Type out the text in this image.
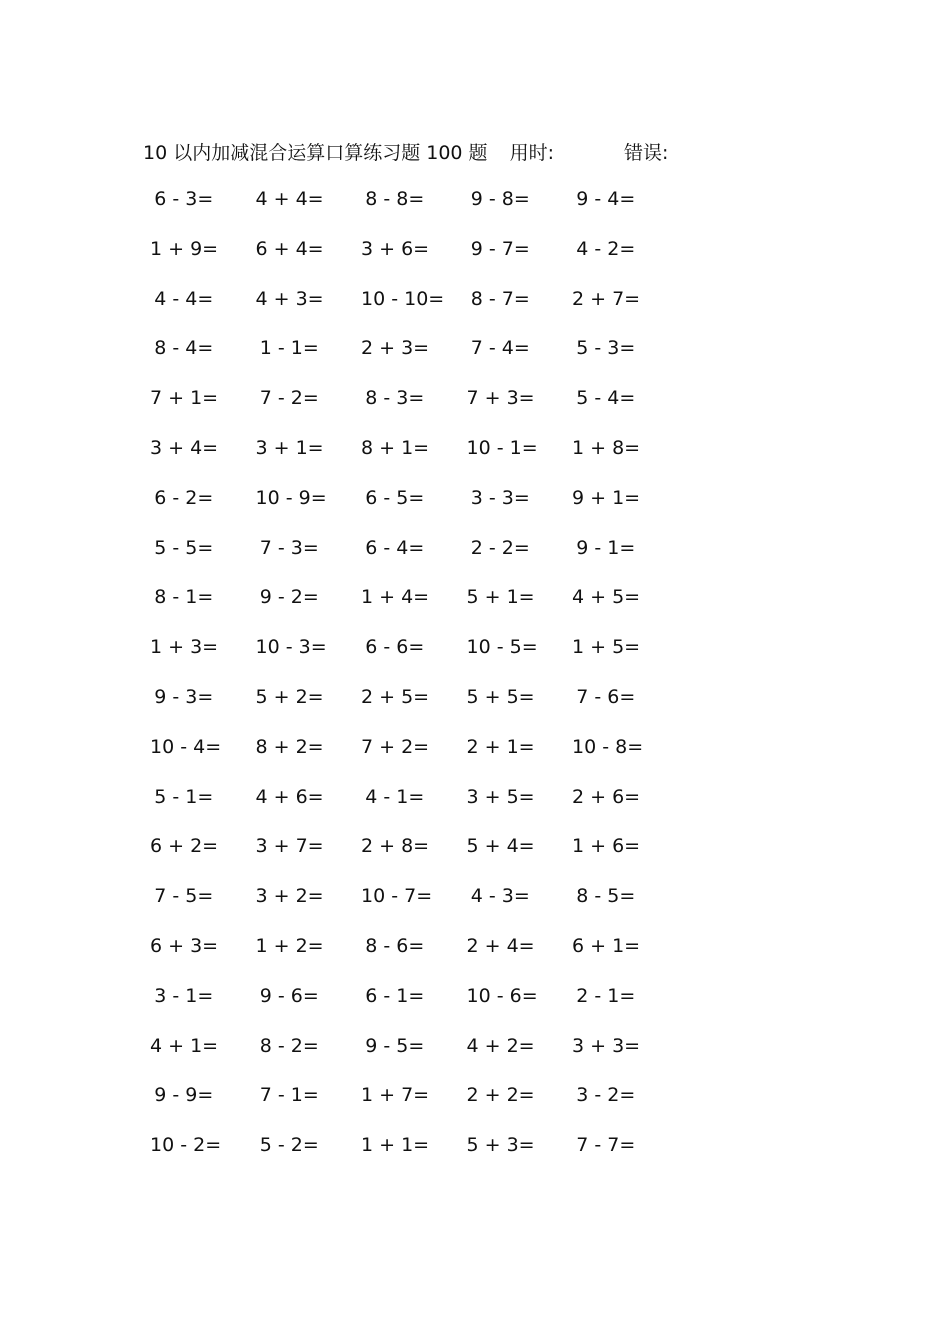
10 以内加减混合运算口算练习题 100 题 用时:	错误:
6 - 3=	4 + 4=	8 - 8=	9 - 8=	9 - 4=
1 + 9=	6 + 4=	3 + 6=	9 - 7=	4 - 2=
4 - 4=	4 + 3=	10 - 10=	8 - 7=	2 + 7=
8 - 4=	1 - 1=	2 + 3=	7 - 4=	5 - 3=
7 + 1=	7 - 2=	8 - 3=	7 + 3=	5 - 4=
3 + 4=	3 + 1=	8 + 1=	10 - 1=	1 + 8=
6 - 2=	10 - 9=	6 - 5=	3 - 3=	9 + 1=
5 - 5=	7 - 3=	6 - 4=	2 - 2=	9 - 1=
8 - 1=	9 - 2=	1 + 4=	5 + 1=	4 + 5=
1 + 3=	10 - 3=	6 - 6=	10 - 5=	1 + 5=
9 - 3=	5 + 2=	2 + 5=	5 + 5=	7 - 6=
10 - 4=	8 + 2=	7 + 2=	2 + 1=	10 - 8=
5 - 1=	4 + 6=	4 - 1=	3 + 5=	2 + 6=
6 + 2=	3 + 7=	2 + 8=	5 + 4=	1 + 6=
7 - 5=	3 + 2=	10 - 7=	4 - 3=	8 - 5=
6 + 3=	1 + 2=	8 - 6=	2 + 4=	6 + 1=
3 - 1=	9 - 6=	6 - 1=	10 - 6=	2 - 1=
4 + 1=	8 - 2=	9 - 5=	4 + 2=	3 + 3=
9 - 9=	7 - 1=	1 + 7=	2 + 2=	3 - 2=
10 - 2=	5 - 2=	1 + 1=	5 + 3=	7 - 7=
